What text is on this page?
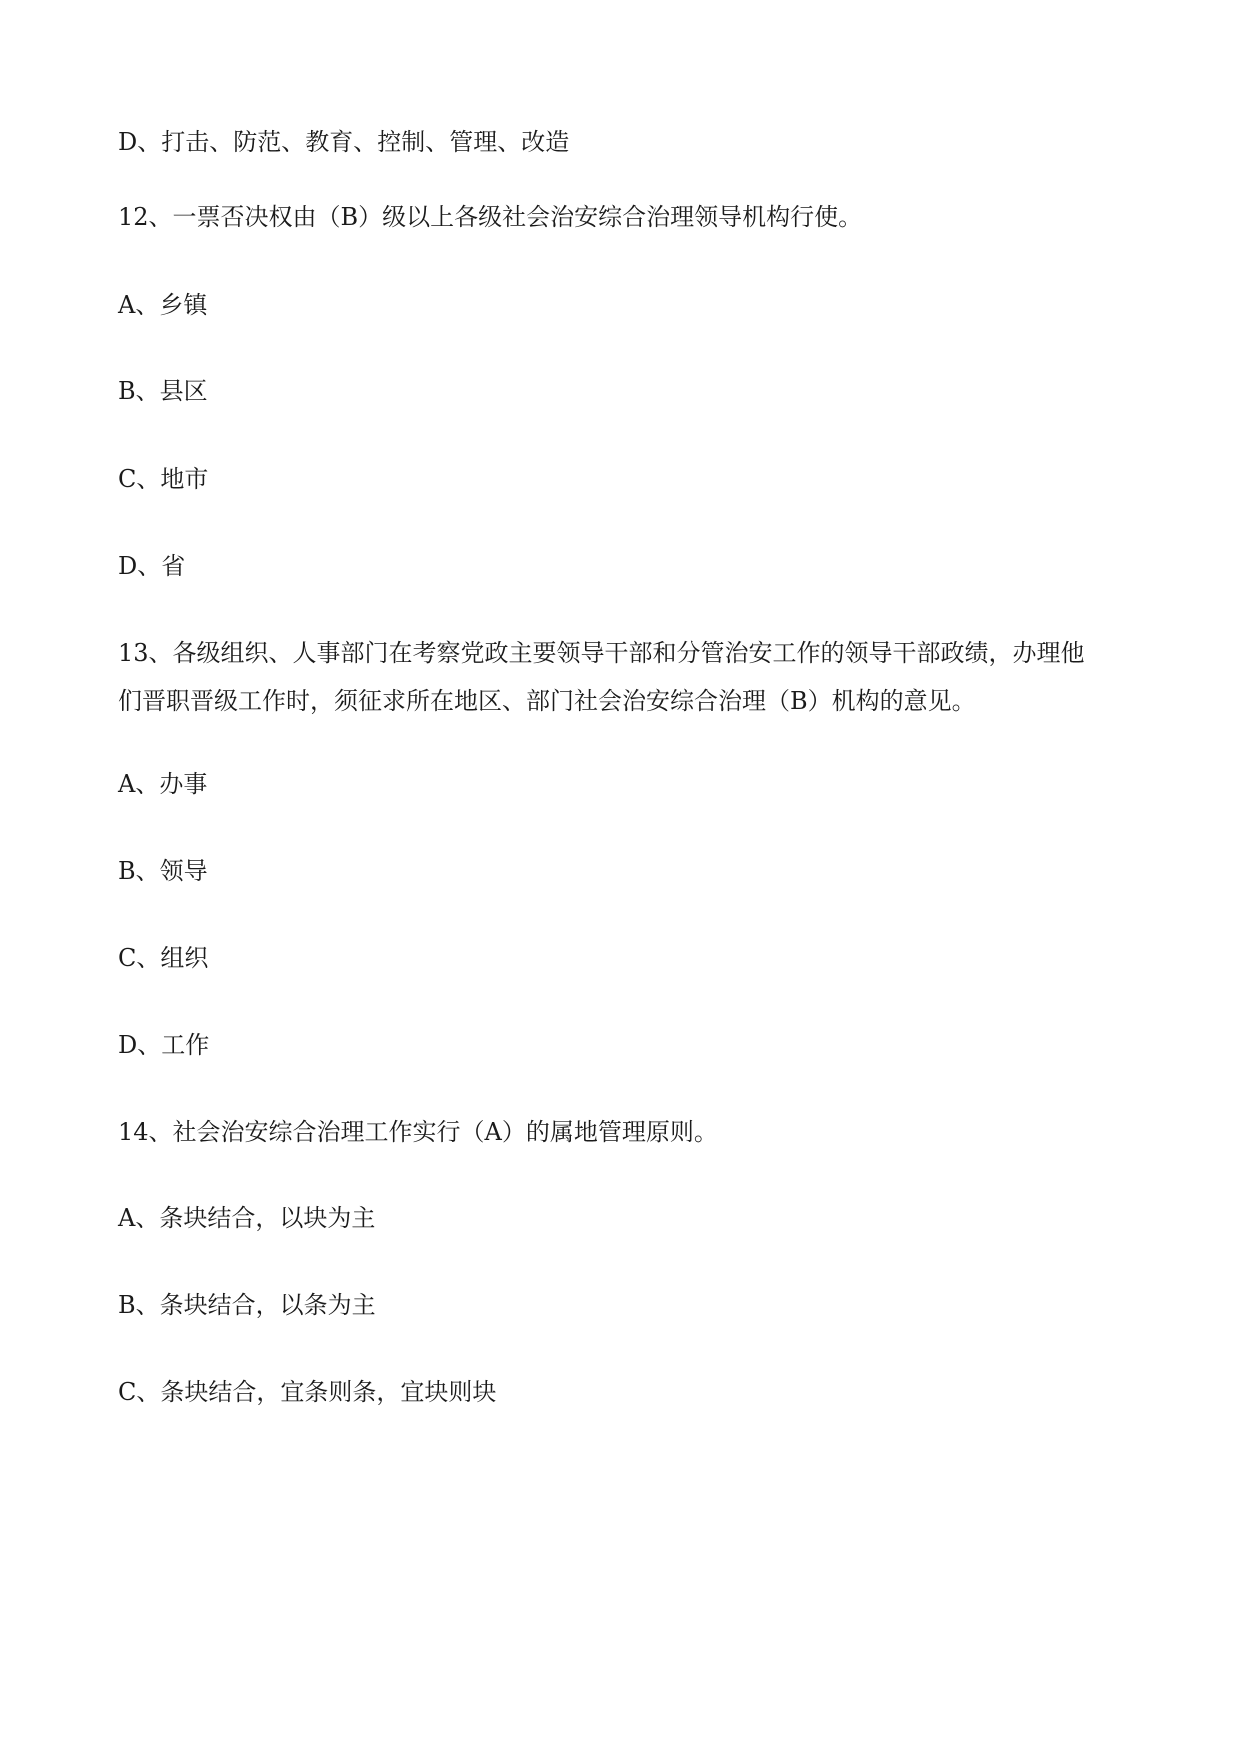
D、打击、防范、教育、控制、管理、改造

12、一票否决权由（B）级以上各级社会治安综合治理领导机构行使。

A、乡镇

B、县区

C、地市

D、省

13、各级组织、人事部门在考察党政主要领导干部和分管治安工作的领导干部政绩，办理他

们晋职晋级工作时，须征求所在地区、部门社会治安综合治理（B）机构的意见。

A、办事

B、领导

C、组织

D、工作

14、社会治安综合治理工作实行（A）的属地管理原则。

A、条块结合，以块为主

B、条块结合，以条为主

C、条块结合，宜条则条，宜块则块
